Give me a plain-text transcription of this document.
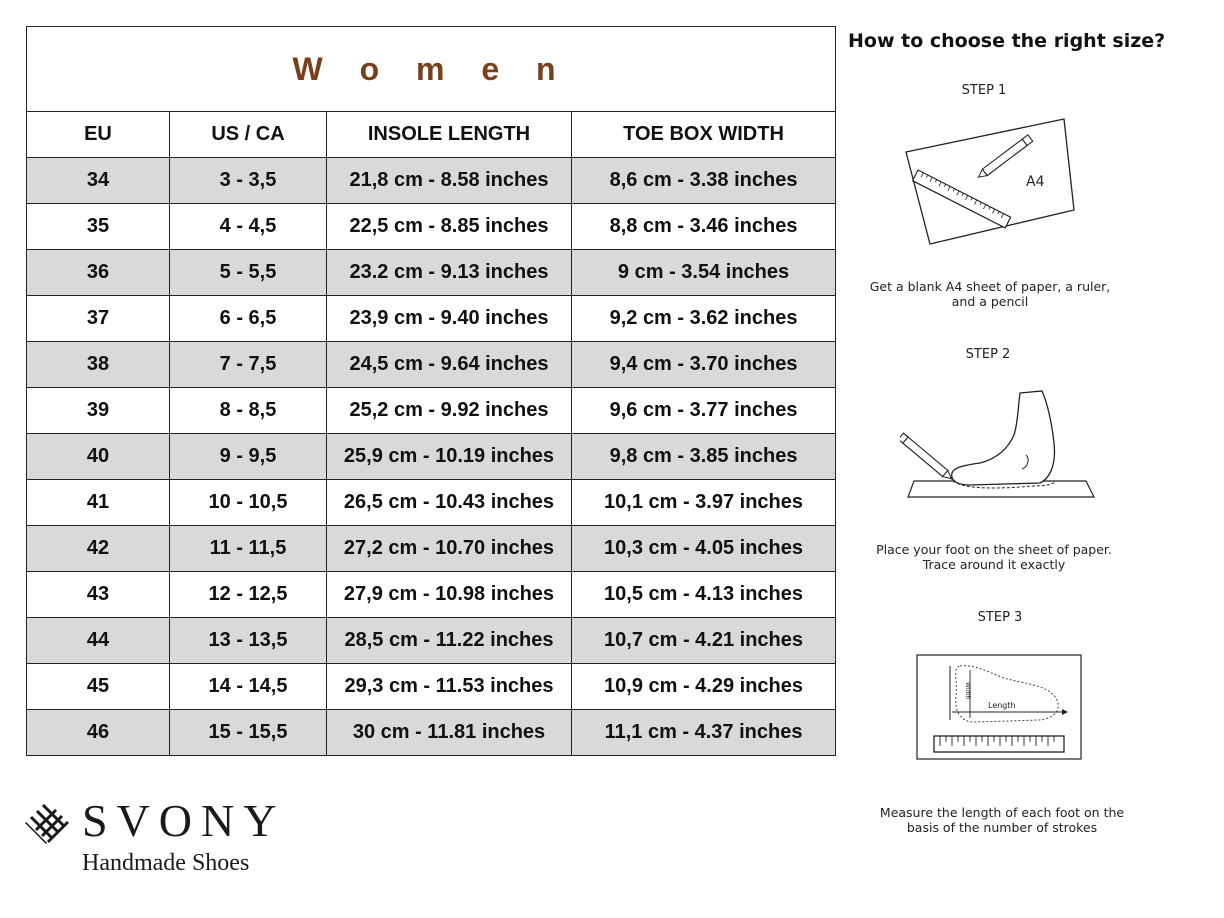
W o m e n			
EU	US / CA	INSOLE LENGTH	TOE BOX WIDTH
34	3 - 3,5	21,8 cm - 8.58 inches	8,6 cm - 3.38 inches
35	4 - 4,5	22,5 cm - 8.85 inches	8,8 cm - 3.46 inches
36	5 - 5,5	23.2 cm - 9.13 inches	9 cm - 3.54 inches
37	6 - 6,5	23,9 cm - 9.40 inches	9,2 cm - 3.62 inches
38	7 - 7,5	24,5 cm - 9.64 inches	9,4 cm - 3.70 inches
39	8 - 8,5	25,2 cm - 9.92 inches	9,6 cm - 3.77 inches
40	9 - 9,5	25,9 cm - 10.19 inches	9,8 cm - 3.85 inches
41	10 - 10,5	26,5 cm - 10.43 inches	10,1 cm - 3.97 inches
42	11 - 11,5	27,2 cm - 10.70 inches	10,3 cm - 4.05 inches
43	12 - 12,5	27,9 cm - 10.98 inches	10,5 cm - 4.13 inches
44	13 - 13,5	28,5 cm - 11.22 inches	10,7 cm - 4.21 inches
45	14 - 14,5	29,3 cm - 11.53 inches	10,9 cm - 4.29 inches
46	15 - 15,5	30 cm - 11.81 inches	11,1 cm - 4.37 inches
How to choose the right size?
STEP 1
A4
Get a blank A4 sheet of paper, a ruler,
and a pencil
STEP 2
Place your foot on the sheet of paper.
Trace around it exactly
STEP 3
Width
Length
Measure the length of each foot on the
basis of the number of strokes
SVONY
Handmade Shoes
